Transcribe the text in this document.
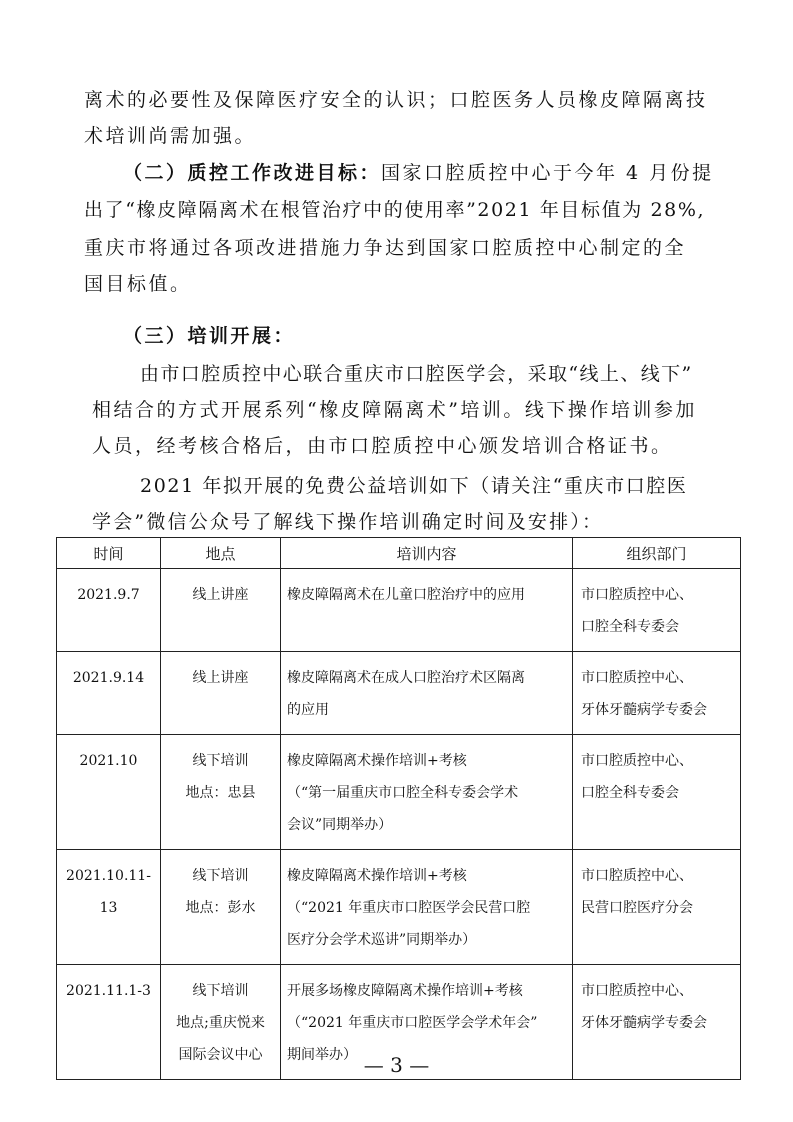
离术的必要性及保障医疗安全的认识；口腔医务人员橡皮障隔离技
术培训尚需加强。
（二）质控工作改进目标：国家口腔质控中心于今年 4 月份提
出了“橡皮障隔离术在根管治疗中的使用率”2021 年目标值为 28%,
重庆市将通过各项改进措施力争达到国家口腔质控中心制定的全
国目标值。
（三）培训开展：
由市口腔质控中心联合重庆市口腔医学会，采取“线上、线下”
相结合的方式开展系列“橡皮障隔离术”培训。线下操作培训参加
人员，经考核合格后，由市口腔质控中心颁发培训合格证书。
2021 年拟开展的免费公益培训如下（请关注“重庆市口腔医
学会”微信公众号了解线下操作培训确定时间及安排）：
时间	地点	培训内容	组织部门

2021.9.7	线上讲座	橡皮障隔离术在儿童口腔治疗中的应用	市口腔质控中心、
口腔全科专委会

2021.9.14	线上讲座	橡皮障隔离术在成人口腔治疗术区隔离
的应用	市口腔质控中心、
牙体牙髓病学专委会

2021.10	线下培训
地点：忠县	橡皮障隔离术操作培训+考核
（“第一届重庆市口腔全科专委会学术
会议”同期举办）	市口腔质控中心、
口腔全科专委会

2021.10.11-
13	线下培训
地点：彭水	橡皮障隔离术操作培训+考核
（“2021 年重庆市口腔医学会民营口腔
医疗分会学术巡讲”同期举办）	市口腔质控中心、
民营口腔医疗分会

2021.11.1-3	线下培训
地点;重庆悦来
国际会议中心	开展多场橡皮障隔离术操作培训+考核
（“2021 年重庆市口腔医学会学术年会”
期间举办）	市口腔质控中心、
牙体牙髓病学专委会
— 3 —
